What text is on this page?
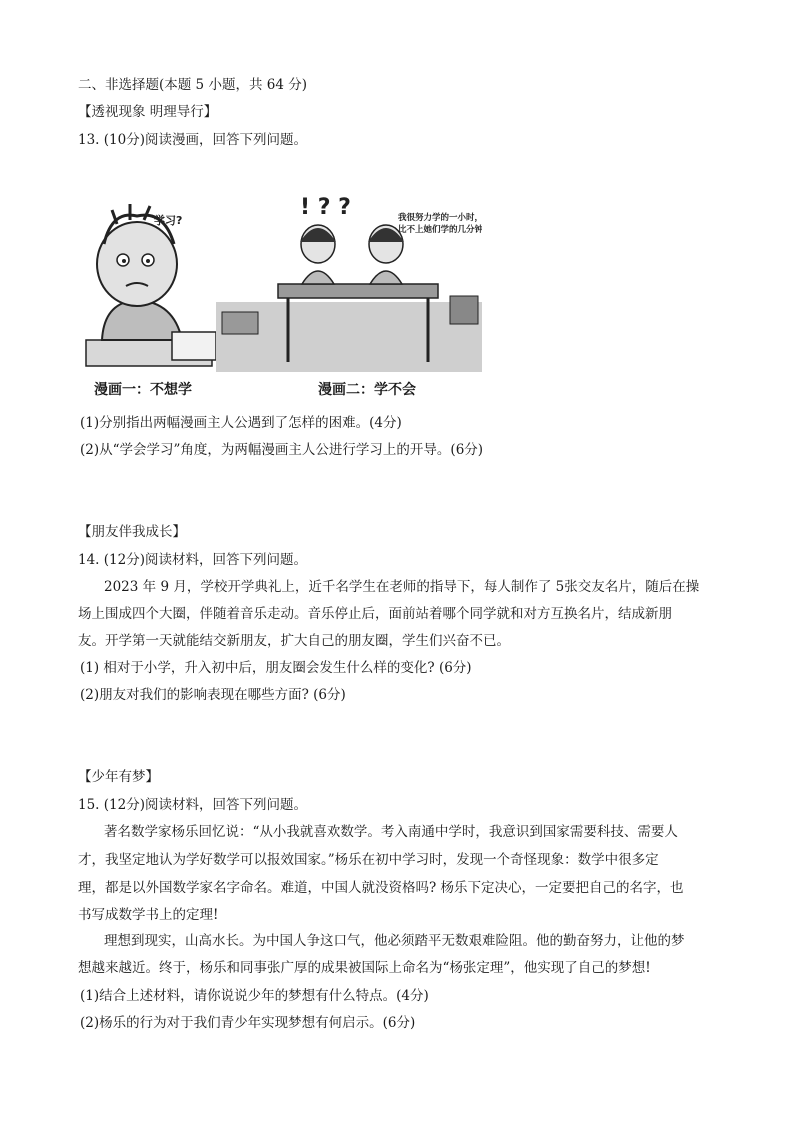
二、非选择题(本题 5 小题，共 64 分)
【透视现象 明理导行】
13. (10分)阅读漫画，回答下列问题。
学习?
! ? ?	我很努力学的一小时，
比不上她们学的几分钟
漫画一：不想学	漫画二：学不会
(1)分别指出两幅漫画主人公遇到了怎样的困难。(4分)
(2)从“学会学习”角度，为两幅漫画主人公进行学习上的开导。(6分)
【朋友伴我成长】
14. (12分)阅读材料，回答下列问题。
2023 年 9 月，学校开学典礼上，近千名学生在老师的指导下，每人制作了 5张交友名片，随后在操
场上围成四个大圈，伴随着音乐走动。音乐停止后，面前站着哪个同学就和对方互换名片，结成新朋
友。开学第一天就能结交新朋友，扩大自己的朋友圈，学生们兴奋不已。
(1) 相对于小学，升入初中后，朋友圈会发生什么样的变化? (6分)
(2)朋友对我们的影响表现在哪些方面? (6分)
【少年有梦】
15. (12分)阅读材料，回答下列问题。
著名数学家杨乐回忆说：“从小我就喜欢数学。考入南通中学时，我意识到国家需要科技、需要人
才，我坚定地认为学好数学可以报效国家。”杨乐在初中学习时，发现一个奇怪现象：数学中很多定
理，都是以外国数学家名字命名。难道，中国人就没资格吗? 杨乐下定决心，一定要把自己的名字，也
书写成数学书上的定理!
理想到现实，山高水长。为中国人争这口气，他必须踏平无数艰难险阻。他的勤奋努力，让他的梦
想越来越近。终于，杨乐和同事张广厚的成果被国际上命名为“杨张定理”，他实现了自己的梦想!
(1)结合上述材料，请你说说少年的梦想有什么特点。(4分)
(2)杨乐的行为对于我们青少年实现梦想有何启示。(6分)
